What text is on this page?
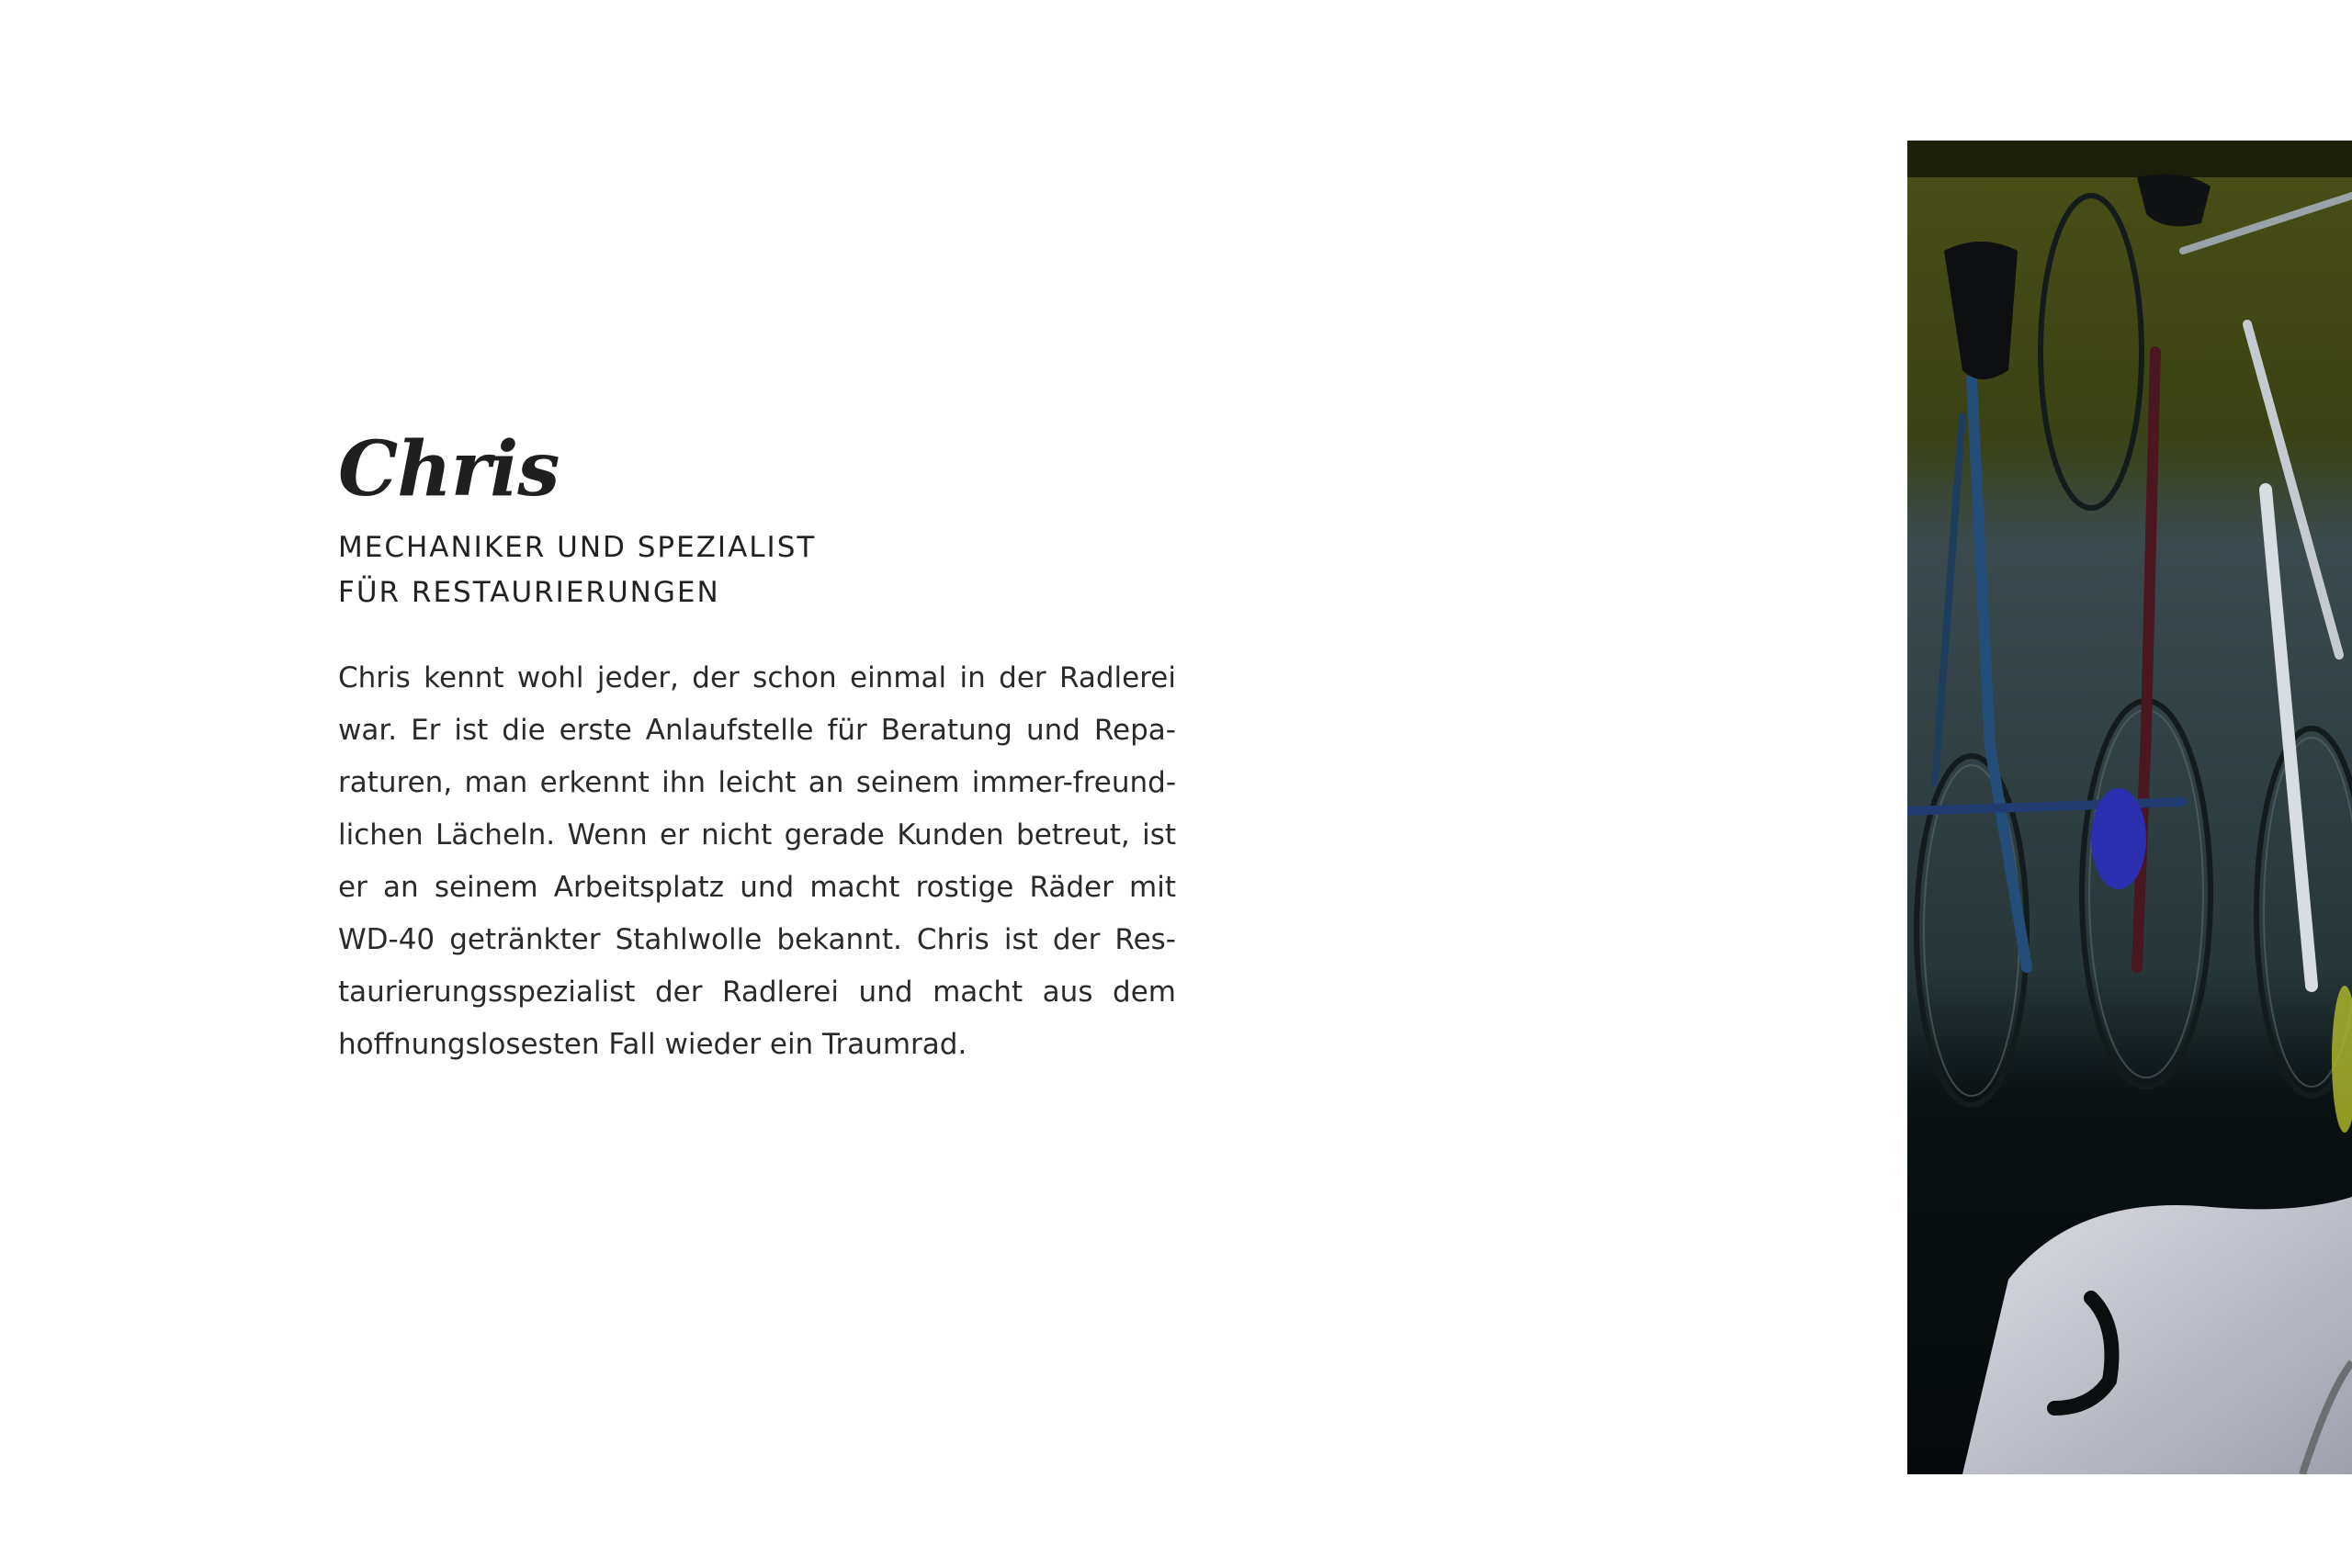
Chris

MECHANIKER UND SPEZIALIST
FÜR RESTAURIERUNGEN

Chris kennt wohl jeder, der schon einmal in der Radlerei war. Er ist die erste Anlaufstelle für Beratung und Repa-raturen, man erkennt ihn leicht an seinem immer-freund-lichen Lächeln. Wenn er nicht gerade Kunden betreut, ist er an seinem Arbeitsplatz und macht rostige Räder mit WD-40 getränkter Stahlwolle bekannt. Chris ist der Res-taurierungsspezialist der Radlerei und macht aus dem hoffnungslosesten Fall wieder ein Traumrad.
